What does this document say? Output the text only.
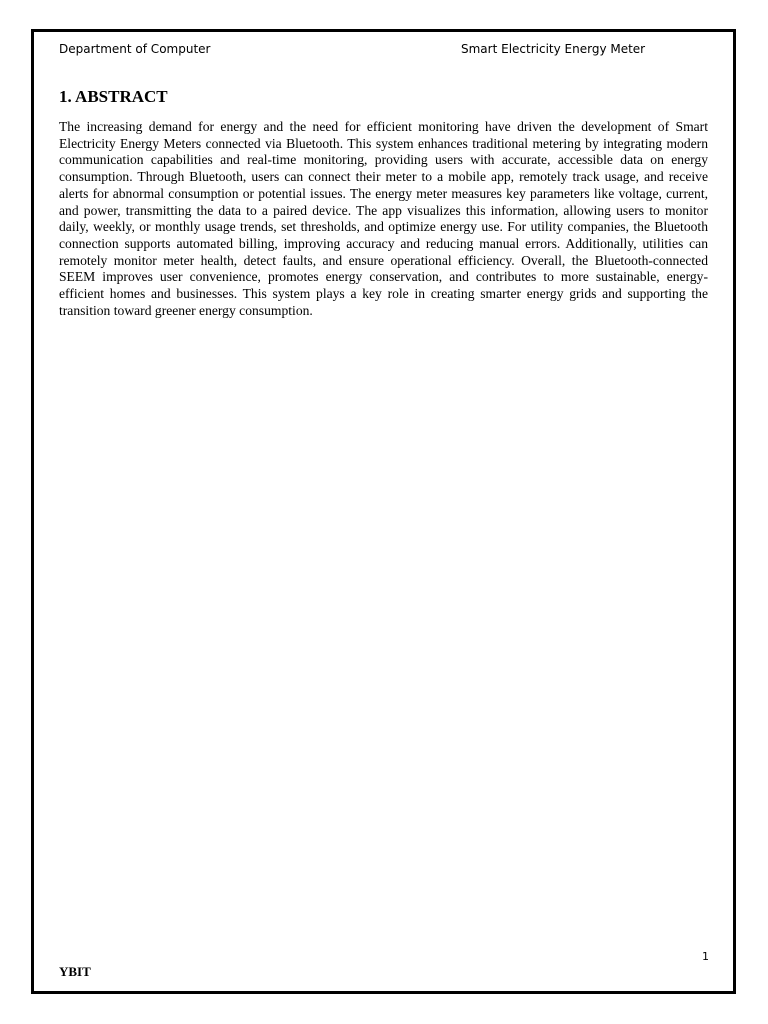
Department of Computer	Smart Electricity Energy Meter
1. ABSTRACT

The increasing demand for energy and the need for efficient monitoring have driven the development of Smart Electricity Energy Meters connected via Bluetooth. This system enhances traditional metering by integrating modern communication capabilities and real-time monitoring, providing users with accurate, accessible data on energy consumption. Through Bluetooth, users can connect their meter to a mobile app, remotely track usage, and receive alerts for abnormal consumption or potential issues. The energy meter measures key parameters like voltage, current, and power, transmitting the data to a paired device. The app visualizes this information, allowing users to monitor daily, weekly, or monthly usage trends, set thresholds, and optimize energy use. For utility companies, the Bluetooth connection supports automated billing, improving accuracy and reducing manual errors. Additionally, utilities can remotely monitor meter health, detect faults, and ensure operational efficiency. Overall, the Bluetooth-connected SEEM improves user convenience, promotes energy conservation, and contributes to more sustainable, energy-efficient homes and businesses. This system plays a key role in creating smarter energy grids and supporting the transition toward greener energy consumption.

1
YBIT
